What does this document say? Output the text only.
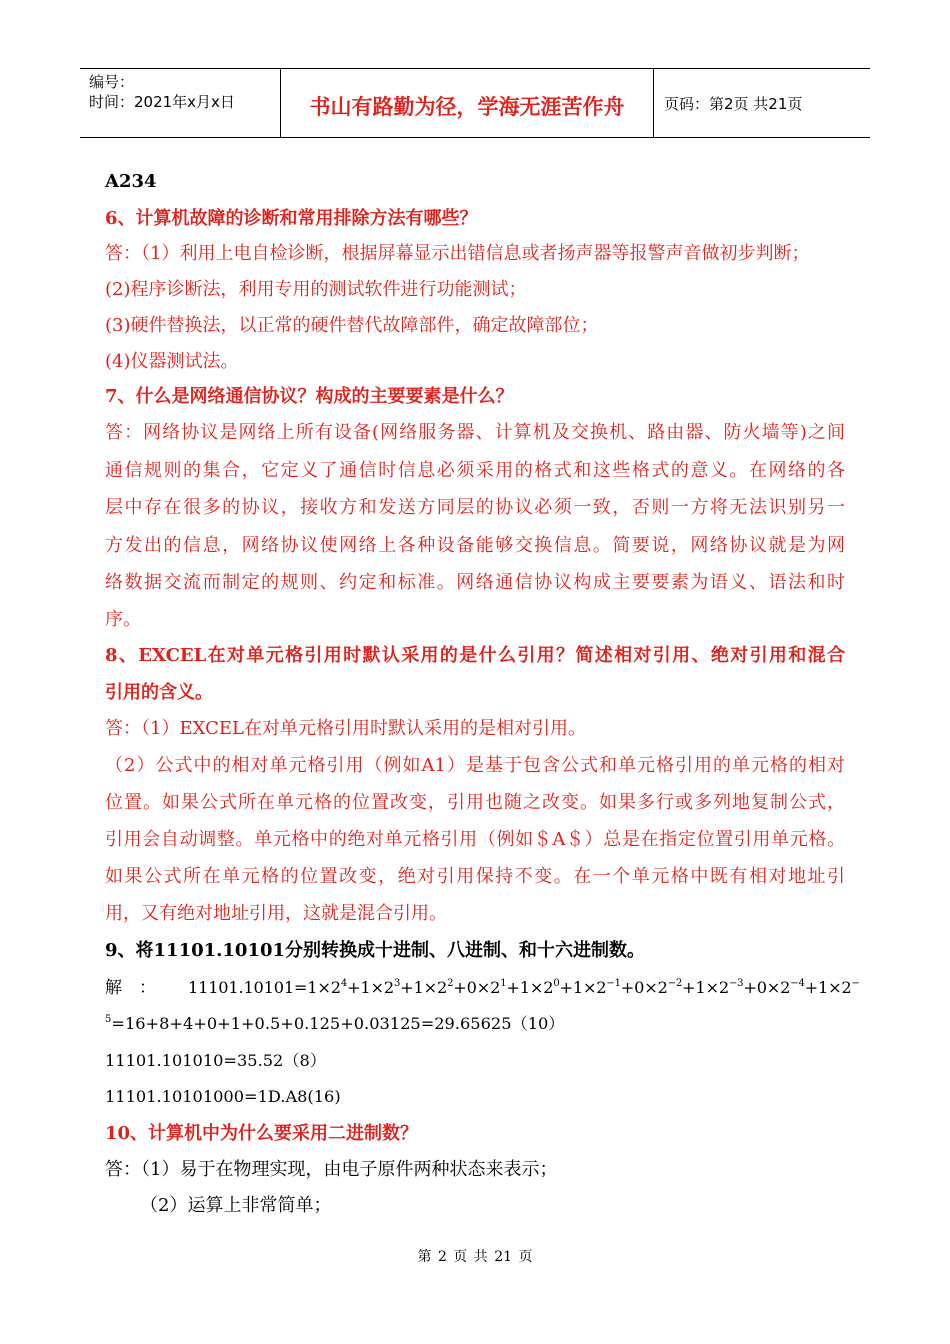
编号：
时间：2021年x月x日	书山有路勤为径，学海无涯苦作舟	页码：第2页 共21页
A234
6、计算机故障的诊断和常用排除方法有哪些？
答：（1）利用上电自检诊断，根据屏幕显示出错信息或者扬声器等报警声音做初步判断；
(2)程序诊断法，利用专用的测试软件进行功能测试；
(3)硬件替换法，以正常的硬件替代故障部件，确定故障部位；
(4)仪器测试法。
7、什么是网络通信协议？构成的主要要素是什么？
答：网络协议是网络上所有设备(网络服务器、计算机及交换机、路由器、防火墙等)之间
通信规则的集合，它定义了通信时信息必须采用的格式和这些格式的意义。在网络的各
层中存在很多的协议，接收方和发送方同层的协议必须一致，否则一方将无法识别另一
方发出的信息，网络协议使网络上各种设备能够交换信息。简要说，网络协议就是为网
络数据交流而制定的规则、约定和标准。网络通信协议构成主要要素为语义、语法和时
序。
8、EXCEL在对单元格引用时默认采用的是什么引用？简述相对引用、绝对引用和混合
引用的含义。
答：（1）EXCEL在对单元格引用时默认采用的是相对引用。
（2）公式中的相对单元格引用（例如A1）是基于包含公式和单元格引用的单元格的相对
位置。如果公式所在单元格的位置改变，引用也随之改变。如果多行或多列地复制公式，
引用会自动调整。单元格中的绝对单元格引用（例如＄A＄）总是在指定位置引用单元格。
如果公式所在单元格的位置改变，绝对引用保持不变。在一个单元格中既有相对地址引
用，又有绝对地址引用，这就是混合引用。
9、将11101.10101分别转换成十进制、八进制、和十六进制数。
解　： $11101.10101=1\times 2^4+1\times 2^3+1\times 2^2+0\times 2^1+1\times 2^0+1\times 2^{-1}+0\times 2^{-2}+1\times 2^{-3}+0\times 2^{-4}+1\times 2^-$
$^5$=16+8+4+0+1+0.5+0.125+0.03125=29.65625（10）
11101.101010=35.52（8）
11101.10101000=1D.A8(16)
10、计算机中为什么要采用二进制数？
答：（1）易于在物理实现，由电子原件两种状态来表示；
（2）运算上非常简单；
第 2 页 共 21 页
